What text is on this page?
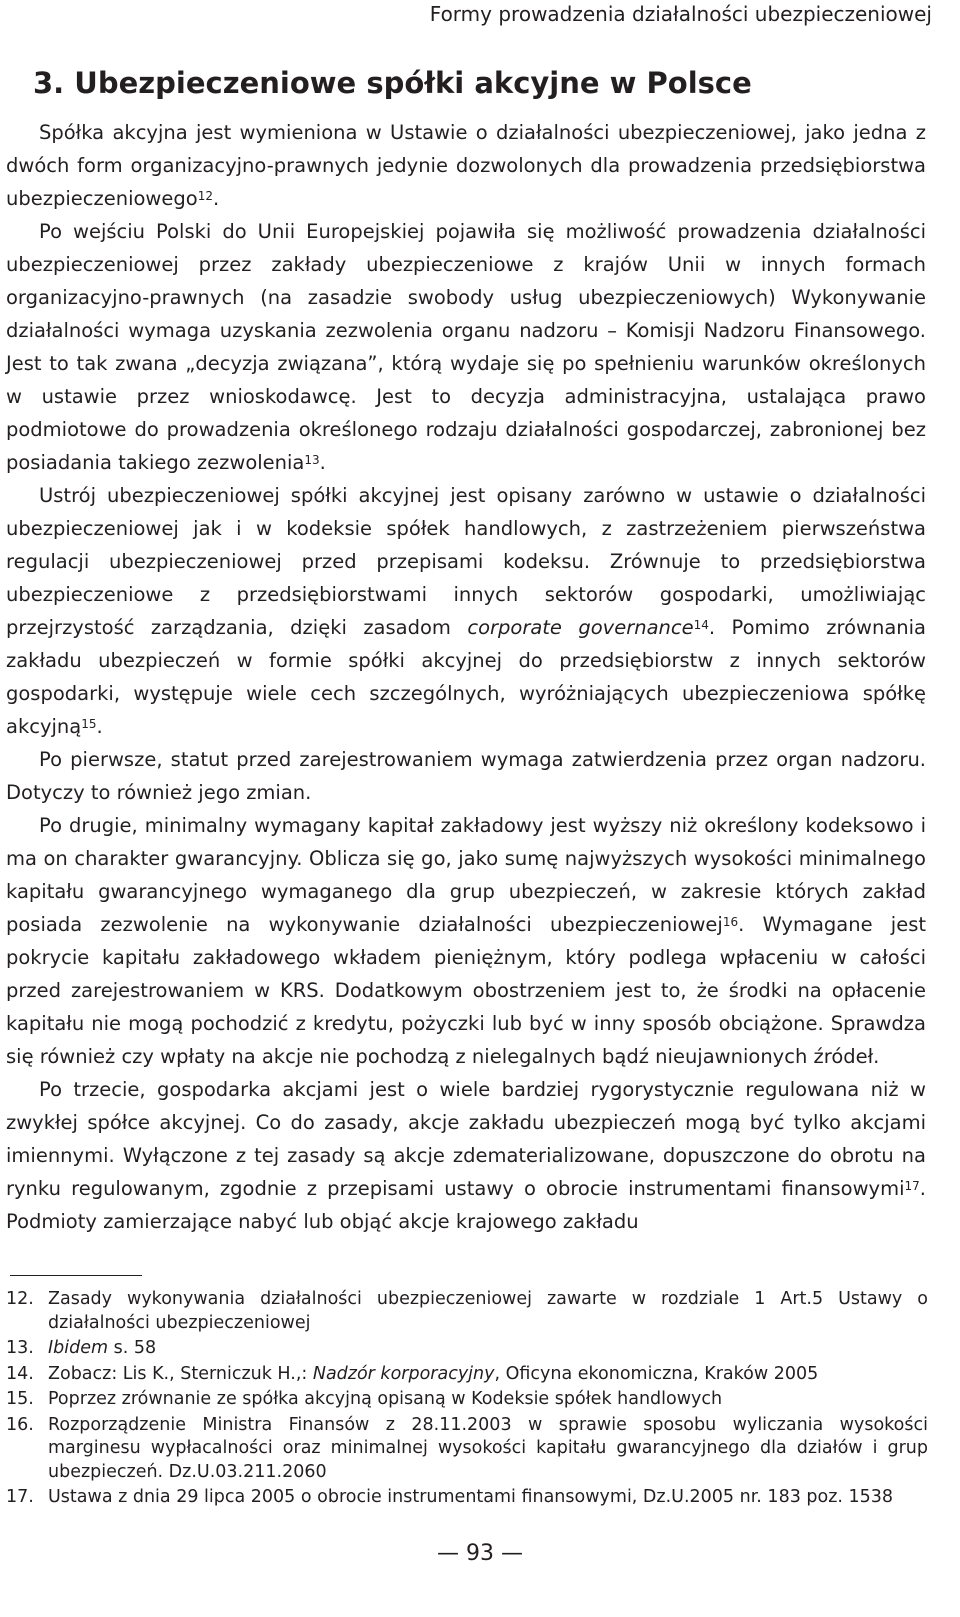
Formy prowadzenia działalności ubezpieczeniowej
3. Ubezpieczeniowe spółki akcyjne w Polsce

Spółka akcyjna jest wymieniona w Ustawie o działalności ubezpieczeniowej, jako jedna z dwóch form organizacyjno-prawnych jedynie dozwolonych dla prowadzenia przedsiębiorstwa ubezpieczeniowego$^{12}$.

Po wejściu Polski do Unii Europejskiej pojawiła się możliwość prowadzenia działalności ubezpieczeniowej przez zakłady ubezpieczeniowe z krajów Unii w innych formach organizacyjno-prawnych (na zasadzie swobody usług ubezpieczeniowych) Wykonywanie działalności wymaga uzyskania zezwolenia organu nadzoru – Komisji Nadzoru Finansowego. Jest to tak zwana „decyzja związana”, którą wydaje się po spełnieniu warunków określonych w ustawie przez wnioskodawcę. Jest to decyzja administracyjna, ustalająca prawo podmiotowe do prowadzenia określonego rodzaju działalności gospodarczej, zabronionej bez posiadania takiego zezwolenia$^{13}$.

Ustrój ubezpieczeniowej spółki akcyjnej jest opisany zarówno w ustawie o działalności ubezpieczeniowej jak i w kodeksie spółek handlowych, z zastrzeżeniem pierwszeństwa regulacji ubezpieczeniowej przed przepisami kodeksu. Zrównuje to przedsiębiorstwa ubezpieczeniowe z przedsiębiorstwami innych sektorów gospodarki, umożliwiając przejrzystość zarządzania, dzięki zasadom corporate governance$^{14}$. Pomimo zrównania zakładu ubezpieczeń w formie spółki akcyjnej do przedsiębiorstw z innych sektorów gospodarki, występuje wiele cech szczególnych, wyróżniających ubezpieczeniowa spółkę akcyjną$^{15}$.

Po pierwsze, statut przed zarejestrowaniem wymaga zatwierdzenia przez organ nadzoru. Dotyczy to również jego zmian.

Po drugie, minimalny wymagany kapitał zakładowy jest wyższy niż określony kodeksowo i ma on charakter gwarancyjny. Oblicza się go, jako sumę najwyższych wysokości minimalnego kapitału gwarancyjnego wymaganego dla grup ubezpieczeń, w zakresie których zakład posiada zezwolenie na wykonywanie działalności ubezpieczeniowej$^{16}$. Wymagane jest pokrycie kapitału zakładowego wkładem pieniężnym, który podlega wpłaceniu w całości przed zarejestrowaniem w KRS. Dodatkowym obostrzeniem jest to, że środki na opłacenie kapitału nie mogą pochodzić z kredytu, pożyczki lub być w inny sposób obciążone. Sprawdza się również czy wpłaty na akcje nie pochodzą z nielegalnych bądź nieujawnionych źródeł.

Po trzecie, gospodarka akcjami jest o wiele bardziej rygorystycznie regulowana niż w zwykłej spółce akcyjnej. Co do zasady, akcje zakładu ubezpieczeń mogą być tylko akcjami imiennymi. Wyłączone z tej zasady są akcje zdematerializowane, dopuszczone do obrotu na rynku regulowanym, zgodnie z przepisami ustawy o obrocie instrumentami finansowymi$^{17}$. Podmioty zamierzające nabyć lub objąć akcje krajowego zakładu

12. Zasady wykonywania działalności ubezpieczeniowej zawarte w rozdziale 1 Art.5 Ustawy o działalności ubezpieczeniowej
13. Ibidem s. 58
14. Zobacz: Lis K., Sterniczuk H.,: Nadzór korporacyjny, Oficyna ekonomiczna, Kraków 2005
15. Poprzez zrównanie ze spółka akcyjną opisaną w Kodeksie spółek handlowych
16. Rozporządzenie Ministra Finansów z 28.11.2003 w sprawie sposobu wyliczania wysokości marginesu wypłacalności oraz minimalnej wysokości kapitału gwarancyjnego dla działów i grup ubezpieczeń. Dz.U.03.211.2060
17. Ustawa z dnia 29 lipca 2005 o obrocie instrumentami finansowymi, Dz.U.2005 nr. 183 poz. 1538
— 93 —
